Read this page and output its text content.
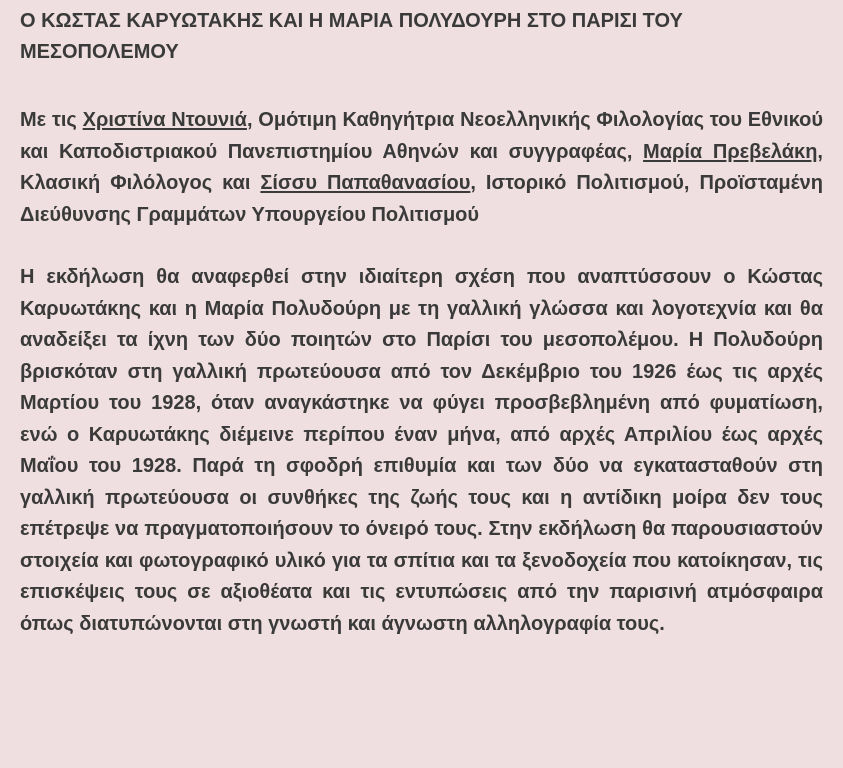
Ο ΚΩΣΤΑΣ ΚΑΡΥΩΤΑΚΗΣ ΚΑΙ Η ΜΑΡΙΑ ΠΟΛΥΔΟΥΡΗ ΣΤΟ ΠΑΡΙΣΙ ΤΟΥ ΜΕΣΟΠΟΛΕΜΟΥ

Με τις Χριστίνα Ντουνιά, Ομότιμη Καθηγήτρια Νεοελληνικής Φιλολογίας του Εθνικού και Καποδιστριακού Πανεπιστημίου Αθηνών και συγγραφέας, Μαρία Πρεβελάκη, Κλασική Φιλόλογος και Σίσσυ Παπαθανασίου, Ιστορικό Πολιτισμού, Προϊσταμένη Διεύθυνσης Γραμμάτων Υπουργείου Πολιτισμού

Η εκδήλωση θα αναφερθεί στην ιδιαίτερη σχέση που αναπτύσσουν ο Κώστας Καρυωτάκης και η Μαρία Πολυδούρη με τη γαλλική γλώσσα και λογοτεχνία και θα αναδείξει τα ίχνη των δύο ποιητών στο Παρίσι του μεσοπολέμου. Η Πολυδούρη βρισκόταν στη γαλλική πρωτεύουσα από τον Δεκέμβριο του 1926 έως τις αρχές Μαρτίου του 1928, όταν αναγκάστηκε να φύγει προσβεβλημένη από φυματίωση, ενώ ο Καρυωτάκης διέμεινε περίπου έναν μήνα, από αρχές Απριλίου έως αρχές Μαΐου του 1928. Παρά τη σφοδρή επιθυμία και των δύο να εγκατασταθούν στη γαλλική πρωτεύουσα οι συνθήκες της ζωής τους και η αντίδικη μοίρα δεν τους επέτρεψε να πραγματοποιήσουν το όνειρό τους. Στην εκδήλωση θα παρουσιαστούν στοιχεία και φωτογραφικό υλικό για τα σπίτια και τα ξενοδοχεία που κατοίκησαν, τις επισκέψεις τους σε αξιοθέατα και τις εντυπώσεις από την παρισινή ατμόσφαιρα όπως διατυπώνονται στη γνωστή και άγνωστη αλληλογραφία τους.
